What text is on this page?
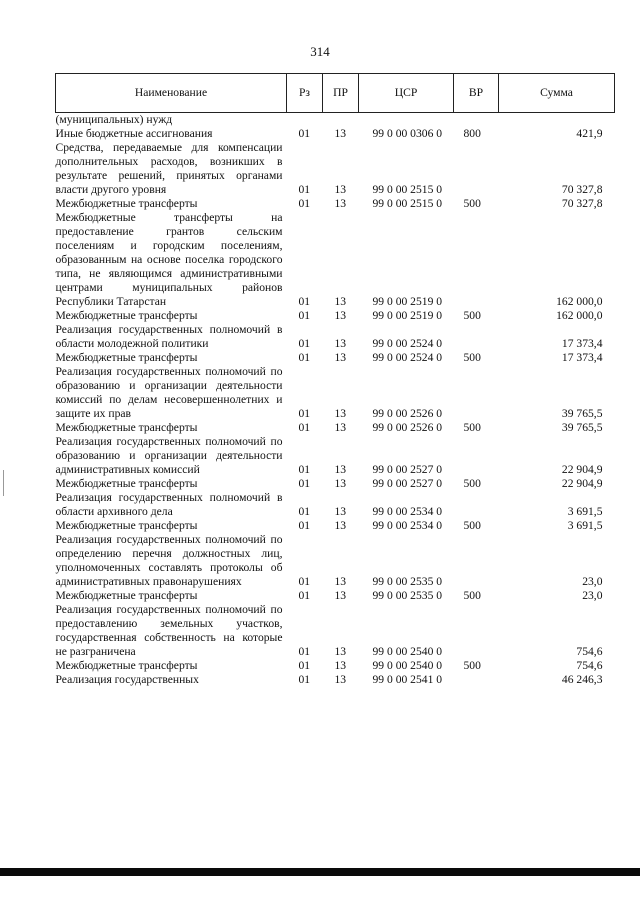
314
Наименование	Рз	ПР	ЦСР	ВР	Сумма
(муниципальных) нужд					
Иные бюджетные ассигнования	01	13	99 0 00 0306 0	800	421,9
Средства, передаваемые для компенсации дополнительных расходов, возникших в результате решений, принятых органами власти другого уровня	01	13	99 0 00 2515 0		70 327,8
Межбюджетные трансферты	01	13	99 0 00 2515 0	500	70 327,8
Межбюджетные трансферты на предоставление грантов сельским поселениям и городским поселениям, образованным на основе поселка городского типа, не являющимся административными центрами муниципальных районов Республики Татарстан	01	13	99 0 00 2519 0		162 000,0
Межбюджетные трансферты	01	13	99 0 00 2519 0	500	162 000,0
Реализация государственных полномочий в области молодежной политики	01	13	99 0 00 2524 0		17 373,4
Межбюджетные трансферты	01	13	99 0 00 2524 0	500	17 373,4
Реализация государственных полномочий по образованию и организации деятельности комиссий по делам несовершеннолетних и защите их прав	01	13	99 0 00 2526 0		39 765,5
Межбюджетные трансферты	01	13	99 0 00 2526 0	500	39 765,5
Реализация государственных полномочий по образованию и организации деятельности административных комиссий	01	13	99 0 00 2527 0		22 904,9
Межбюджетные трансферты	01	13	99 0 00 2527 0	500	22 904,9
Реализация государственных полномочий в области архивного дела	01	13	99 0 00 2534 0		3 691,5
Межбюджетные трансферты	01	13	99 0 00 2534 0	500	3 691,5
Реализация государственных полномочий по определению перечня должностных лиц, уполномоченных составлять протоколы об административных правонарушениях	01	13	99 0 00 2535 0		23,0
Межбюджетные трансферты	01	13	99 0 00 2535 0	500	23,0
Реализация государственных полномочий по предоставлению земельных участков, государственная собственность на которые не разграничена	01	13	99 0 00 2540 0		754,6
Межбюджетные трансферты	01	13	99 0 00 2540 0	500	754,6
Реализация государственных	01	13	99 0 00 2541 0		46 246,3
